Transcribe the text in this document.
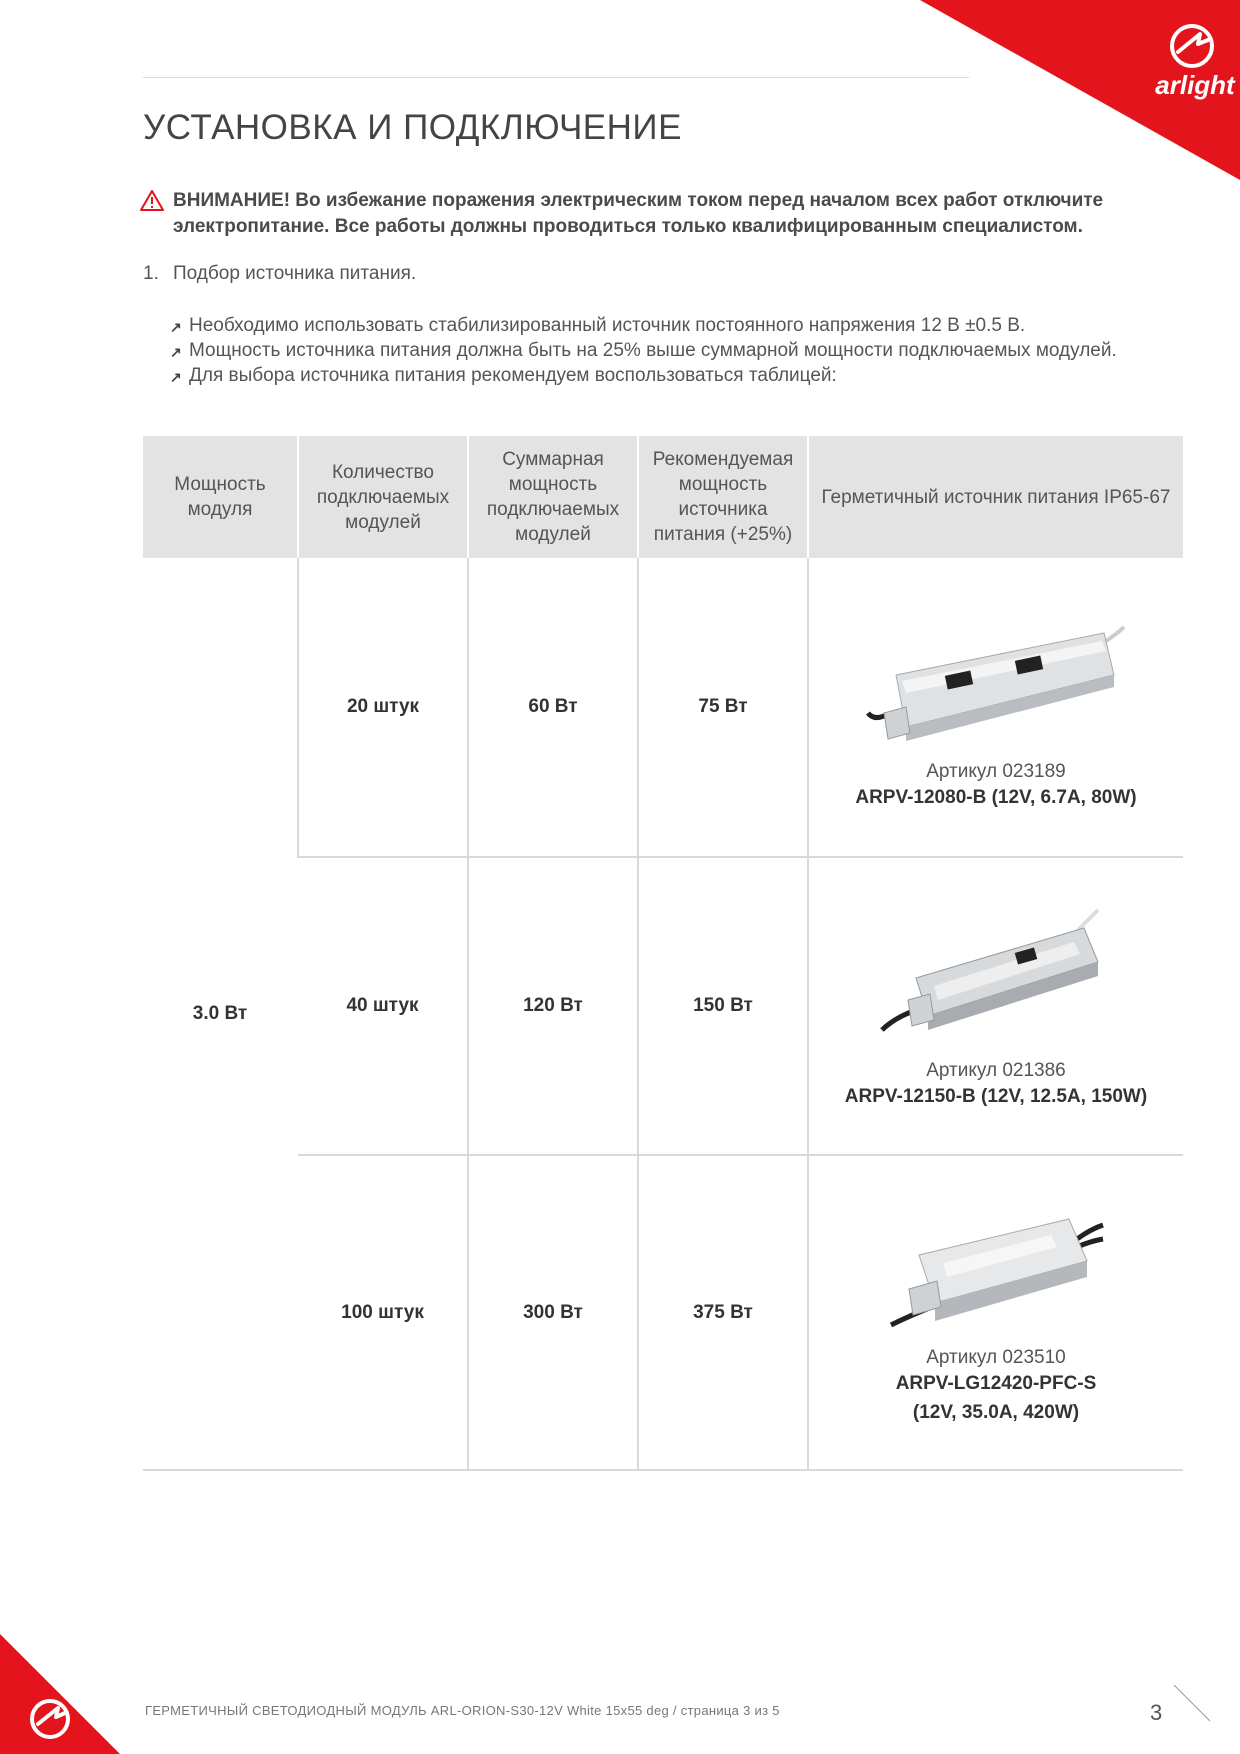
arlight
УСТАНОВКА И ПОДКЛЮЧЕНИЕ
ВНИМАНИЕ! Во избежание поражения электрическим током перед началом всех работ отключите электропитание. Все работы должны проводиться только квалифицированным специалистом.
1. Подбор источника питания.
↗ Необходимо использовать стабилизированный источник постоянного напряжения 12 В ±0.5 В.
↗ Мощность источника питания должна быть на 25% выше суммарной мощности подключаемых модулей.
↗ Для выбора источника питания рекомендуем воспользоваться таблицей:
Мощность модуля	Количество подключаемых модулей	Суммарная мощность подключаемых модулей	Рекомендуемая мощность источника питания (+25%)	Герметичный источник питания IP65-67
3.0 Вт	20 штук	60 Вт	75 Вт	Артикул 023189
ARPV-12080-B (12V, 6.7A, 80W)

	40 штук	120 Вт	150 Вт	Артикул 021386
ARPV-12150-B (12V, 12.5A, 150W)

	100 штук	300 Вт	375 Вт	Артикул 023510
ARPV-LG12420-PFC-S
(12V, 35.0A, 420W)
ГЕРМЕТИЧНЫЙ СВЕТОДИОДНЫЙ МОДУЛЬ ARL-ORION-S30-12V White 15x55 deg / страница 3 из 5	3
